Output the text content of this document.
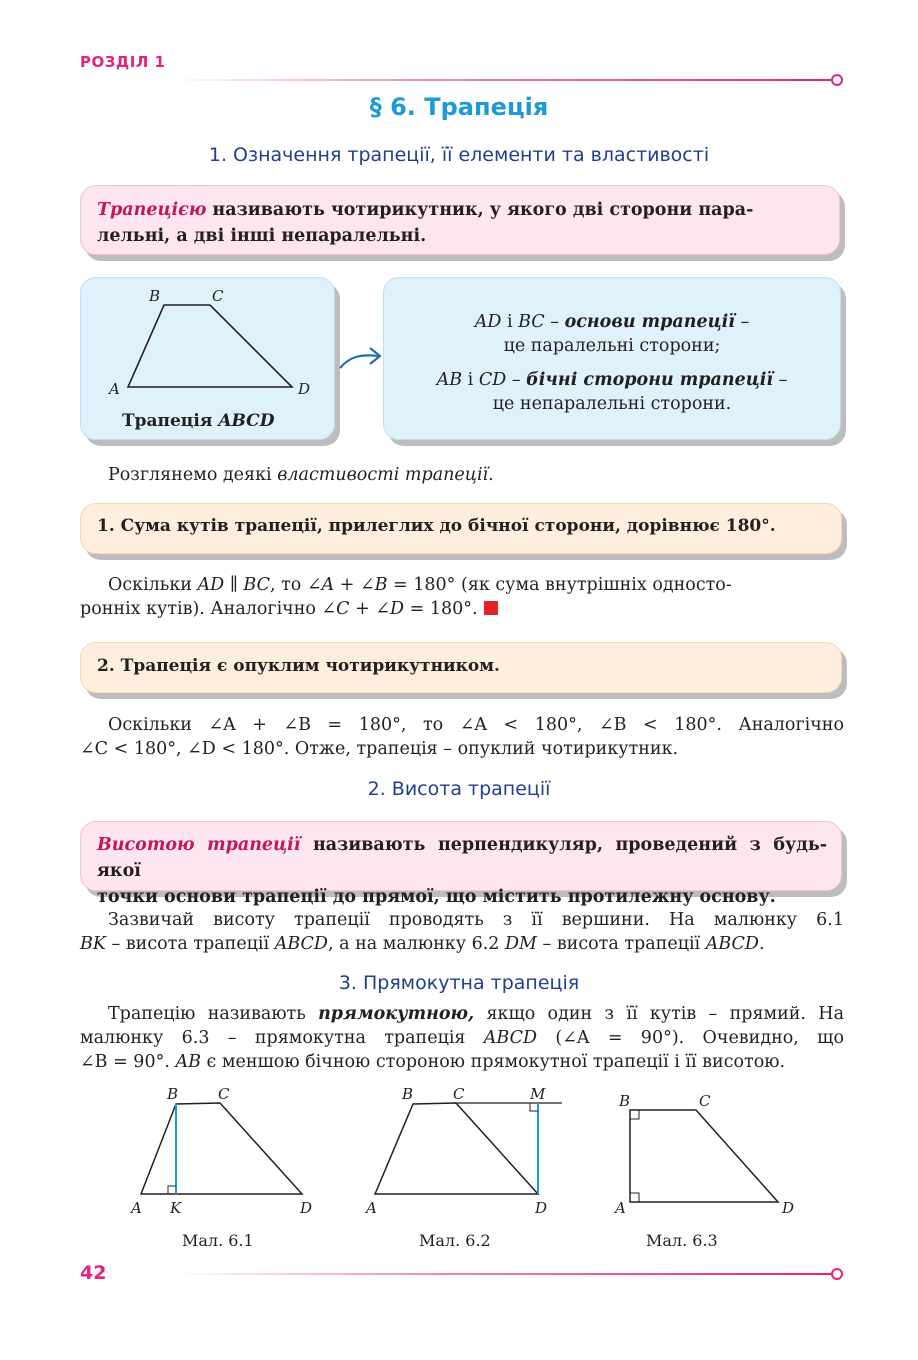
РОЗДІЛ 1
§ 6. Трапеція
1. Означення трапеції, її елементи та властивості
Трапецією називають чотирикутник, у якого дві сторони пара-
лельні, а дві інші непаралельні.
B	C
A	D
Трапеція ABCD
AD і BC – основи трапеції –
це паралельні сторони;
AB і CD – бічні сторони трапеції –
це непаралельні сторони.
Розглянемо деякі властивості трапеції.
1. Сума кутів трапеції, прилеглих до бічної сторони, дорівнює 180°.
Оскільки AD ∥ BC, то ∠A + ∠B = 180° (як сума внутрішніх односто-
ронніх кутів). Аналогічно ∠C + ∠D = 180°.
2. Трапеція є опуклим чотирикутником.
Оскільки ∠A + ∠B = 180°, то ∠A < 180°, ∠B < 180°. Аналогічно
∠C < 180°, ∠D < 180°. Отже, трапеція – опуклий чотирикутник.
2. Висота трапеції
Висотою трапеції називають перпендикуляр, проведений з будь-якої
точки основи трапеції до прямої, що містить протилежну основу.
Зазвичай висоту трапеції проводять з її вершини. На малюнку 6.1
BK – висота трапеції ABCD, а на малюнку 6.2 DM – висота трапеції ABCD.
3. Прямокутна трапеція
Трапецію називають прямокутною, якщо один з її кутів – прямий. На
малюнку 6.3 – прямокутна трапеція ABCD (∠A = 90°). Очевидно, що
∠B = 90°. AB є меншою бічною стороною прямокутної трапеції і її висотою.
B	C
A K	D
Мал. 6.1
B	C	M
A	D
Мал. 6.2
B	C
A	D
Мал. 6.3
42
